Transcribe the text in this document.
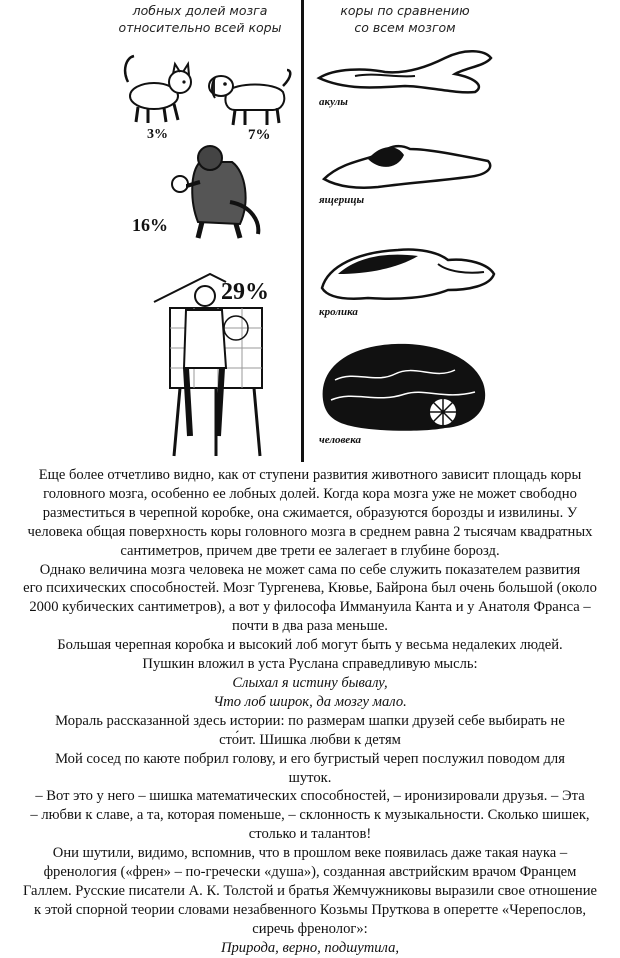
лобных долей мозга
относительно всей коры
коры по сравнению
со всем мозгом
3%	7%
16%
29%
акулы
ящерицы
кролика
человека

Еще более отчетливо видно, как от ступени развития животного зависит площадь коры

головного мозга, особенно ее лобных долей. Когда кора мозга уже не может свободно

разместиться в черепной коробке, она сжимается, образуются борозды и извилины. У

человека общая поверхность коры головного мозга в среднем равна 2 тысячам квадратных

сантиметров, причем две трети ее залегает в глубине борозд.

Однако величина мозга человека не может сама по себе служить показателем развития

его психических способностей. Мозг Тургенева, Кювье, Байрона был очень большой (около

2000 кубических сантиметров), а вот у философа Иммануила Канта и у Анатоля Франса –

почти в два раза меньше.

Большая черепная коробка и высокий лоб могут быть у весьма недалеких людей.

Пушкин вложил в уста Руслана справедливую мысль:

Слыхал я истину бывалу,

Что лоб широк, да мозгу мало.

Мораль рассказанной здесь истории: по размерам шапки друзей себе выбирать не

сто́ит. Шишка любви к детям

Мой сосед по каюте побрил голову, и его бугристый череп послужил поводом для

шуток.

– Вот это у него – шишка математических способностей, – иронизировали друзья. – Эта

– любви к славе, а та, которая поменьше, – склонность к музыкальности. Сколько шишек,

столько и талантов!

Они шутили, видимо, вспомнив, что в прошлом веке появилась даже такая наука –

френология («френ» – по-гречески «душа»), созданная австрийским врачом Францем

Галлем. Русские писатели А. К. Толстой и братья Жемчужниковы выразили свое отношение

к этой спорной теории словами незабвенного Козьмы Пруткова в оперетте «Черепослов,

сиречь френолог»:

Природа, верно, подшутила,
